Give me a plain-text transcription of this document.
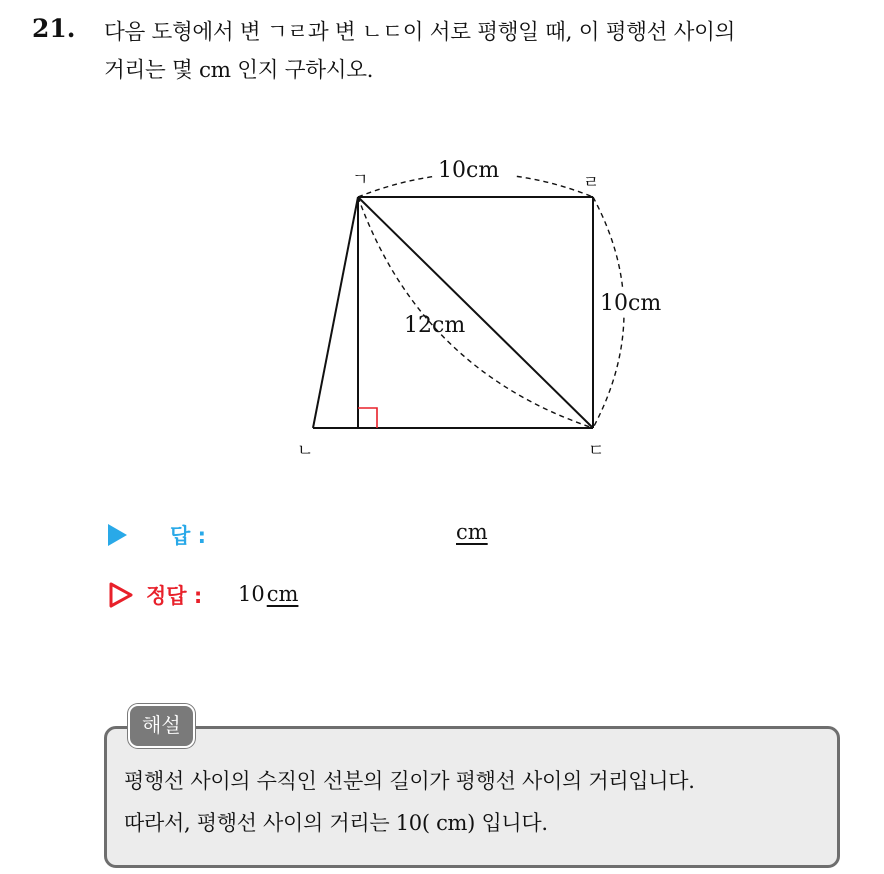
21. 다음 도형에서 변 ㄱㄹ과 변 ㄴㄷ이 서로 평행일 때, 이 평행선 사이의
거리는 몇 cm 인지 구하시오.
ㄱ	ㄹ
ㄴ	ㄷ
10cm
10cm
12cm
답 :	cm
정답 : 10cm
해설
평행선 사이의 수직인 선분의 길이가 평행선 사이의 거리입니다.
따라서, 평행선 사이의 거리는 10( cm) 입니다.
